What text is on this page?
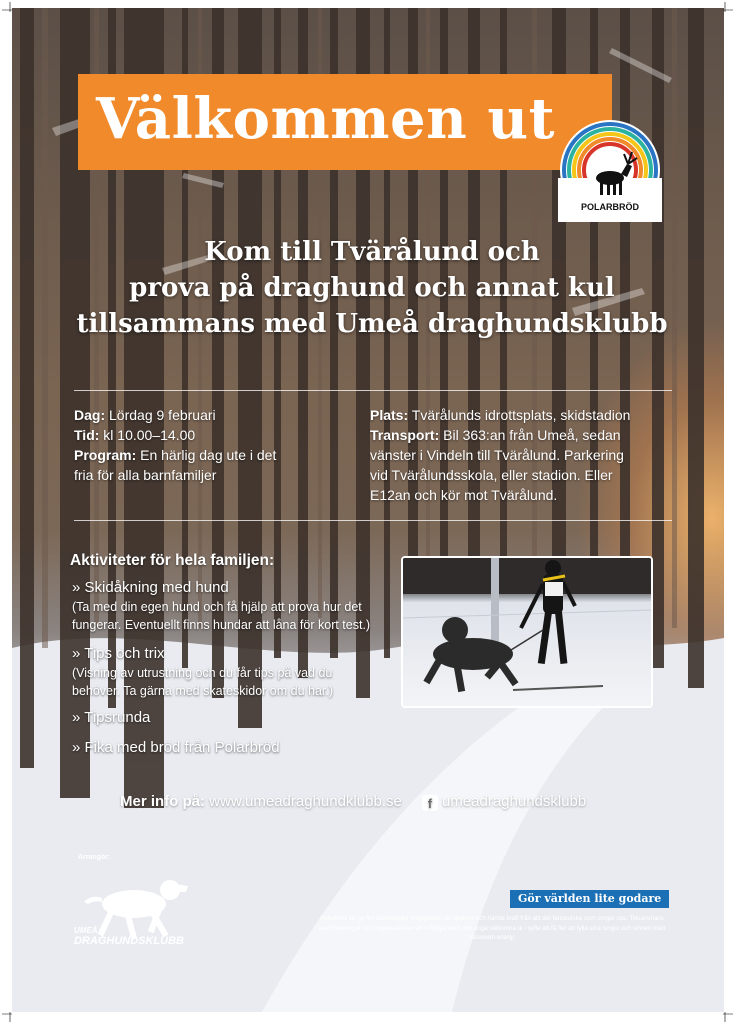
Välkommen ut
POLARBRÖD
Kom till Tvärålund och
prova på draghund och annat kul
tillsammans med Umeå draghundsklubb
Dag: Lördag 9 februari
Tid: kl 10.00–14.00
Program: En härlig dag ute i det
fria för alla barnfamiljer
Plats: Tvärålunds idrottsplats, skidstadion
Transport: Bil 363:an från Umeå, sedan
vänster i Vindeln till Tvärålund. Parkering
vid Tvärålundsskola, eller stadion. Eller
E12an och kör mot Tvärålund.
Aktiviteter för hela familjen:
» Skidåkning med hund
(Ta med din egen hund och få hjälp att prova hur det
fungerar. Eventuellt finns hundar att låna för kort test.)
» Tips och trix
(Visning av utrustning och du får tips på vad du
behöver. Ta gärna med skateskidor om du har.)
» Tipsrunda
» Fika med bröd från Polarbröd
Mer info på: www.umeadraghundklubb.se f umeadraghundsklubb
Arrangör:
UMEÅ
DRAGHUNDSKLUBB
Gör världen lite godare
Polarbröd vill ge fler barnfamiljer möjligheten att uppleva och hämta kraft från allt det fantastiska som omger oss. Tillsammans med föreningar och organisationer vill vi hjälpa barn och unga välkomna ut i syfte att få fler att fylla sina lungor och sinnen med hälsosam energi.
